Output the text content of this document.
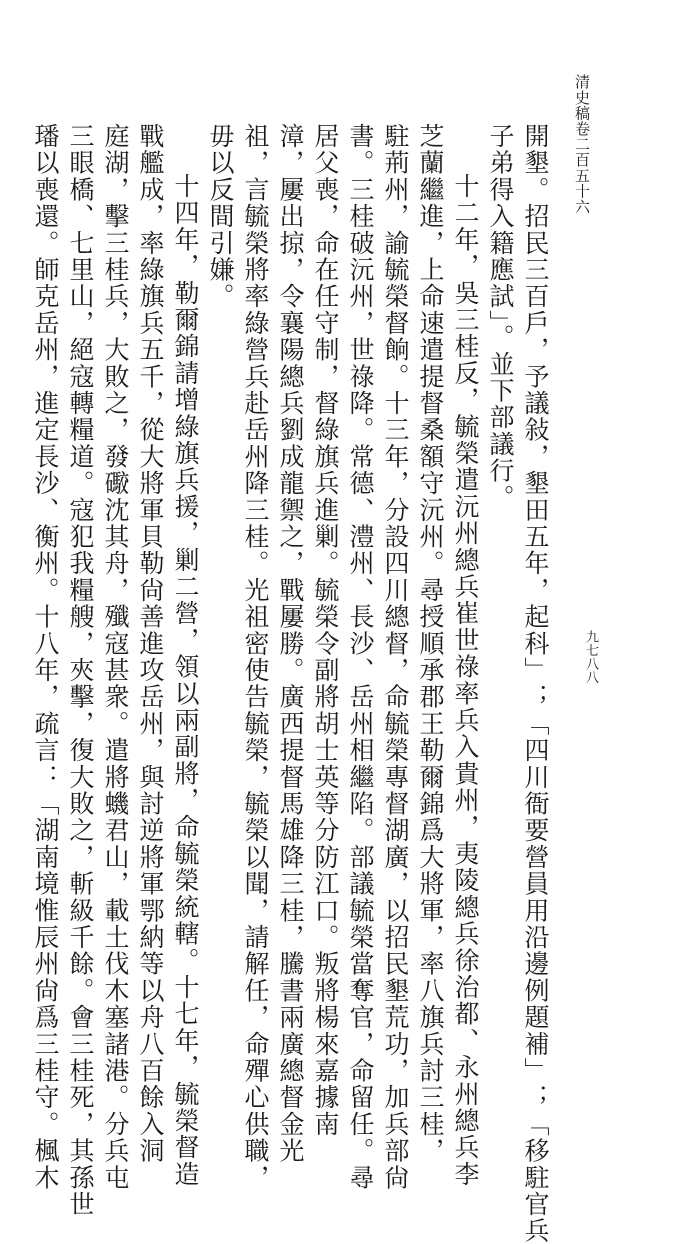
清史稿卷二百五十六
九七八八
開墾。招民三百戶，予議敍，墾田五年，起科」；「四川衙要營員用沿邊例題補」；「移駐官兵
子弟得入籍應試」。並下部議行。
十二年，吳三桂反，毓榮遣沅州總兵崔世祿率兵入貴州，夷陵總兵徐治都、永州總兵李
芝蘭繼進，上命速遣提督桑額守沅州。尋授順承郡王勒爾錦爲大將軍，率八旗兵討三桂，
駐荊州，諭毓榮督餉。十三年，分設四川總督，命毓榮專督湖廣，以招民墾荒功，加兵部尙
書。三桂破沅州，世祿降。常德、澧州、長沙、岳州相繼陷。部議毓榮當奪官，命留任。尋
居父喪，命在任守制，督綠旗兵進剿。毓榮令副將胡士英等分防江口。叛將楊來嘉據南
漳，屢出掠，令襄陽總兵劉成龍禦之，戰屢勝。廣西提督馬雄降三桂，騰書兩廣總督金光
祖，言毓榮將率綠營兵赴岳州降三桂。光祖密使告毓榮，毓榮以聞，請解任，命殫心供職，
毋以反間引嫌。
十四年，勒爾錦請增綠旗兵援，剿二營，領以兩副將，命毓榮統轄。十七年，毓榮督造
戰艦成，率綠旗兵五千，從大將軍貝勒尙善進攻岳州，與討逆將軍鄂納等以舟八百餘入洞
庭湖，擊三桂兵，大敗之，發礮沈其舟，殲寇甚衆。遣將蟣君山，載土伐木塞諸港。分兵屯
三眼橋、七里山，絕寇轉糧道。寇犯我糧艘，夾擊，復大敗之，斬級千餘。會三桂死，其孫世
璠以喪還。師克岳州，進定長沙、衡州。十八年，疏言：「湖南境惟辰州尙爲三桂守。楓木
